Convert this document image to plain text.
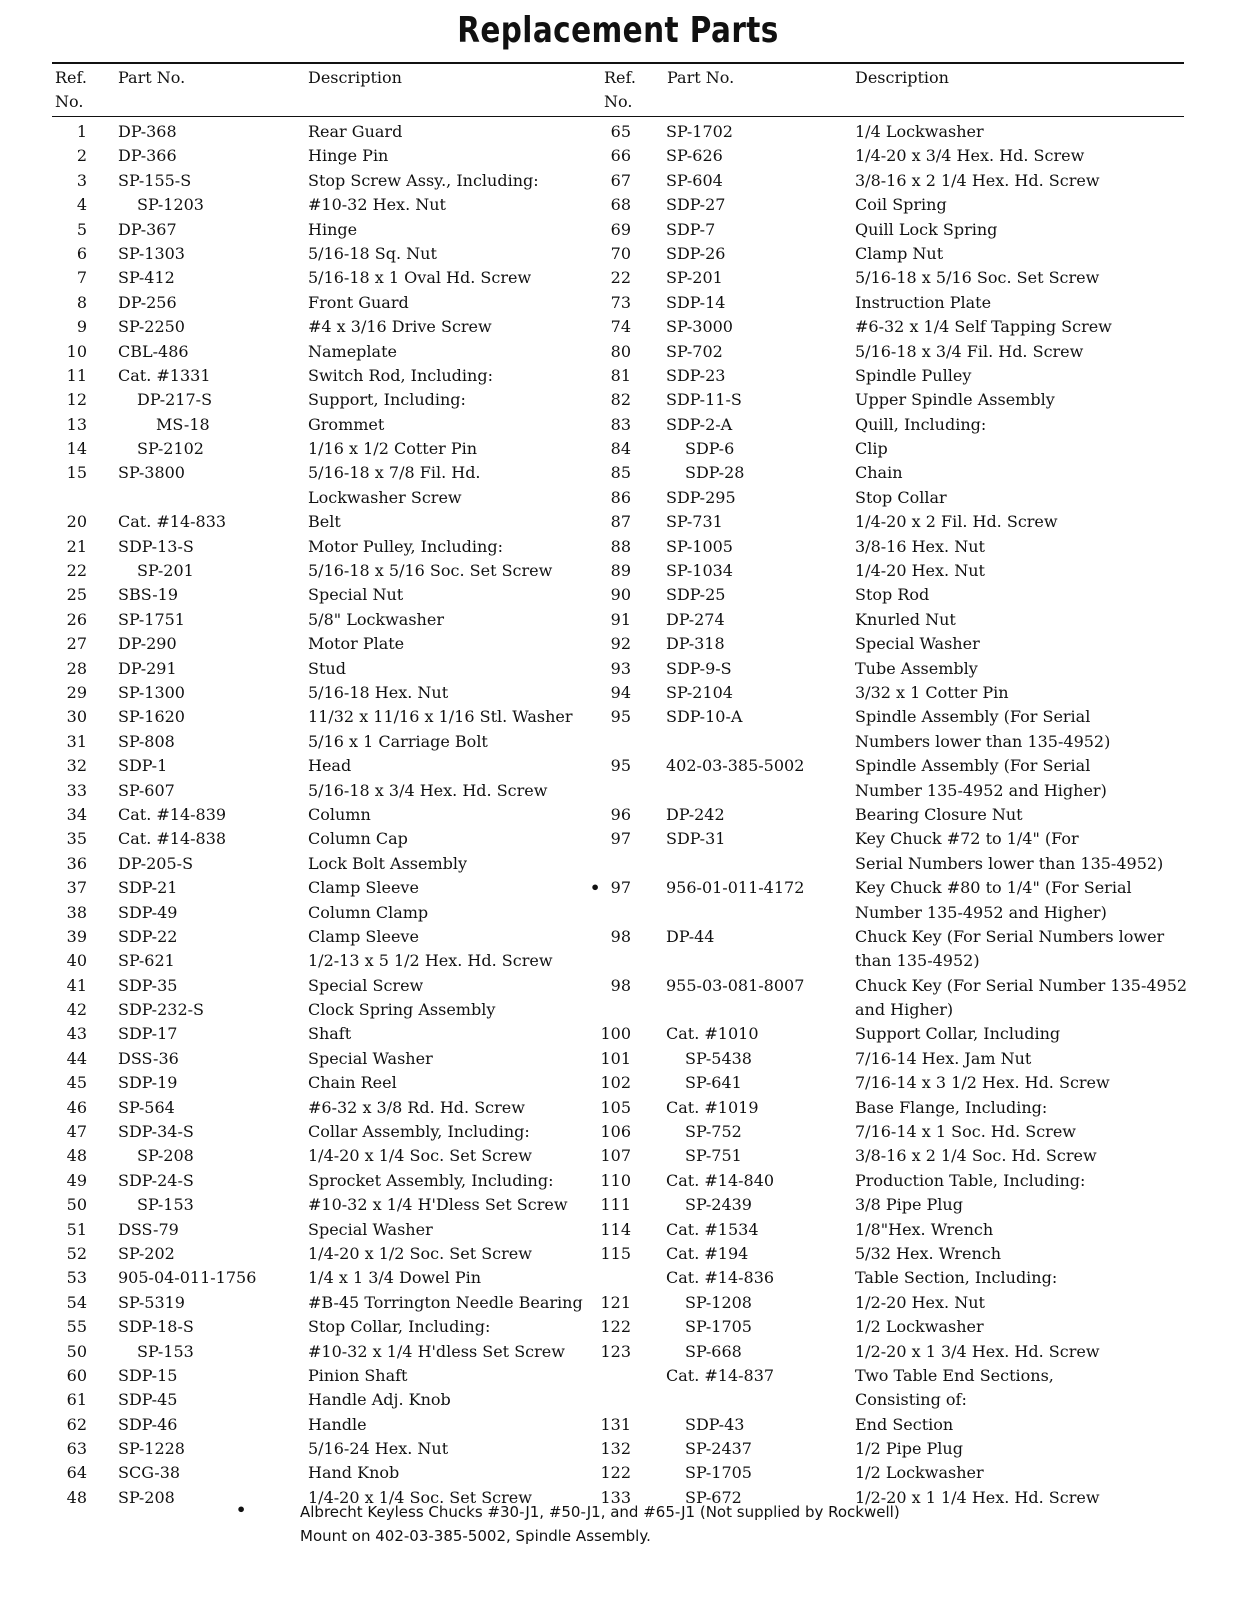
Replacement Parts
Ref.
No.
Part No.	Description	Ref.
No.
Part No.	Description
1 DP-368	Rear Guard
2 DP-366	Hinge Pin
3 SP-155-S	Stop Screw Assy., Including:
4	SP-1203	#10-32 Hex. Nut
5 DP-367	Hinge
6 SP-1303	5/16-18 Sq. Nut
7 SP-412	5/16-18 x 1 Oval Hd. Screw
8 DP-256	Front Guard
9 SP-2250	#4 x 3/16 Drive Screw
10 CBL-486	Nameplate
11 Cat. #1331	Switch Rod, Including:
12	DP-217-S	Support, Including:
13	MS-18	Grommet
14	SP-2102	1/16 x 1/2 Cotter Pin
15 SP-3800	5/16-18 x 7/8 Fil. Hd.
Lockwasher Screw
20 Cat. #14-833	Belt
21 SDP-13-S	Motor Pulley, Including:
22	SP-201	5/16-18 x 5/16 Soc. Set Screw
25 SBS-19	Special Nut
26 SP-1751	5/8" Lockwasher
27 DP-290	Motor Plate
28 DP-291	Stud
29 SP-1300	5/16-18 Hex. Nut
30 SP-1620	11/32 x 11/16 x 1/16 Stl. Washer
31 SP-808	5/16 x 1 Carriage Bolt
32 SDP-1	Head
33 SP-607	5/16-18 x 3/4 Hex. Hd. Screw
34 Cat. #14-839	Column
35 Cat. #14-838	Column Cap
36 DP-205-S	Lock Bolt Assembly
37 SDP-21	Clamp Sleeve
38 SDP-49	Column Clamp
39 SDP-22	Clamp Sleeve
40 SP-621	1/2-13 x 5 1/2 Hex. Hd. Screw
41 SDP-35	Special Screw
42 SDP-232-S	Clock Spring Assembly
43 SDP-17	Shaft
44 DSS-36	Special Washer
45 SDP-19	Chain Reel
46 SP-564	#6-32 x 3/8 Rd. Hd. Screw
47 SDP-34-S	Collar Assembly, Including:
48	SP-208	1/4-20 x 1/4 Soc. Set Screw
49 SDP-24-S	Sprocket Assembly, Including:
50	SP-153	#10-32 x 1/4 H'Dless Set Screw
51 DSS-79	Special Washer
52 SP-202	1/4-20 x 1/2 Soc. Set Screw
53 905-04-011-1756	1/4 x 1 3/4 Dowel Pin
54 SP-5319	#B-45 Torrington Needle Bearing
55 SDP-18-S	Stop Collar, Including:
50	SP-153	#10-32 x 1/4 H'dless Set Screw
60 SDP-15	Pinion Shaft
61 SDP-45	Handle Adj. Knob
62 SDP-46	Handle
63 SP-1228	5/16-24 Hex. Nut
64 SCG-38	Hand Knob
48 SP-208	1/4-20 x 1/4 Soc. Set Screw
65 SP-1702	1/4 Lockwasher
66 SP-626	1/4-20 x 3/4 Hex. Hd. Screw
67 SP-604	3/8-16 x 2 1/4 Hex. Hd. Screw
68 SDP-27	Coil Spring
69 SDP-7	Quill Lock Spring
70 SDP-26	Clamp Nut
22 SP-201	5/16-18 x 5/16 Soc. Set Screw
73 SDP-14	Instruction Plate
74 SP-3000	#6-32 x 1/4 Self Tapping Screw
80 SP-702	5/16-18 x 3/4 Fil. Hd. Screw
81 SDP-23	Spindle Pulley
82 SDP-11-S	Upper Spindle Assembly
83 SDP-2-A	Quill, Including:
84	SDP-6	Clip
85	SDP-28	Chain
86 SDP-295	Stop Collar
87 SP-731	1/4-20 x 2 Fil. Hd. Screw
88 SP-1005	3/8-16 Hex. Nut
89 SP-1034	1/4-20 Hex. Nut
90 SDP-25	Stop Rod
91 DP-274	Knurled Nut
92 DP-318	Special Washer
93 SDP-9-S	Tube Assembly
94 SP-2104	3/32 x 1 Cotter Pin
95 SDP-10-A	Spindle Assembly (For Serial
Numbers lower than 135-4952)
95 402-03-385-5002	Spindle Assembly (For Serial
Number 135-4952 and Higher)
96 DP-242	Bearing Closure Nut
97 SDP-31	Key Chuck #72 to 1/4" (For
Serial Numbers lower than 135-4952)
97 956-01-011-4172	Key Chuck #80 to 1/4" (For Serial
•
Number 135-4952 and Higher)
98 DP-44	Chuck Key (For Serial Numbers lower
than 135-4952)
98 955-03-081-8007	Chuck Key (For Serial Number 135-4952
and Higher)
100 Cat. #1010	Support Collar, Including
101	SP-5438	7/16-14 Hex. Jam Nut
102	SP-641	7/16-14 x 3 1/2 Hex. Hd. Screw
105 Cat. #1019	Base Flange, Including:
106	SP-752	7/16-14 x 1 Soc. Hd. Screw
107	SP-751	3/8-16 x 2 1/4 Soc. Hd. Screw
110 Cat. #14-840	Production Table, Including:
111	SP-2439	3/8 Pipe Plug
114 Cat. #1534	1/8"Hex. Wrench
115 Cat. #194	5/32 Hex. Wrench
Cat. #14-836	Table Section, Including:
121	SP-1208	1/2-20 Hex. Nut
122	SP-1705	1/2 Lockwasher
123	SP-668	1/2-20 x 1 3/4 Hex. Hd. Screw
Cat. #14-837	Two Table End Sections,
Consisting of:
131	SDP-43	End Section
132	SP-2437	1/2 Pipe Plug
122	SP-1705	1/2 Lockwasher
133	SP-672	1/2-20 x 1 1/4 Hex. Hd. Screw
•	Albrecht Keyless Chucks #30-J1, #50-J1, and #65-J1 (Not supplied by Rockwell)
Mount on 402-03-385-5002, Spindle Assembly.
